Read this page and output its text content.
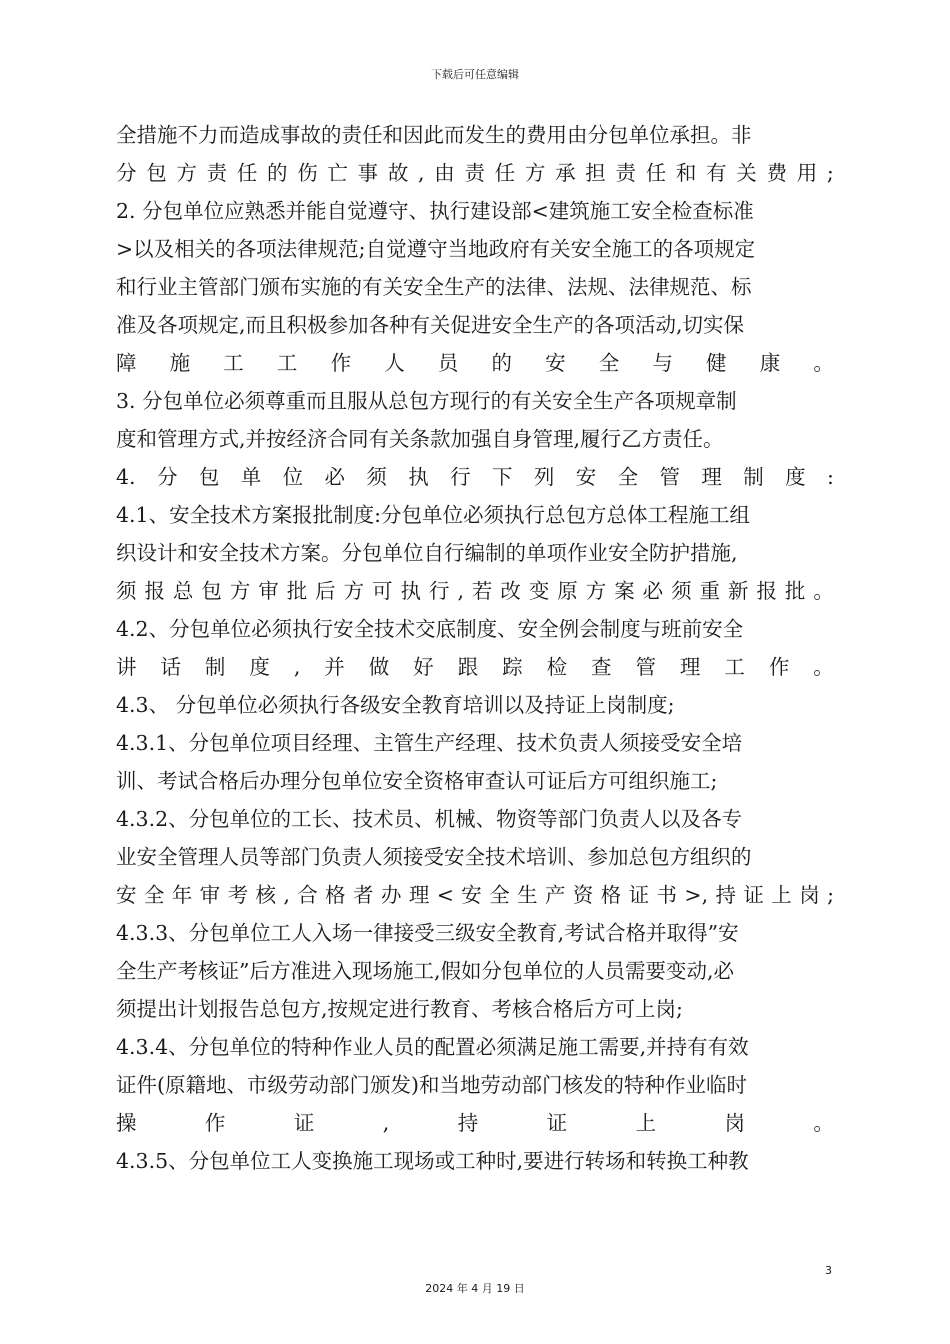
下载后可任意编辑
全措施不力而造成事故的责任和因此而发生的费用由分包单位承担。非
分 包 方 责 任 的 伤 亡 事 故 , 由 责 任 方 承 担 责 任 和 有 关 费 用 ;
2. 分包单位应熟悉并能自觉遵守、执行建设部<建筑施工安全检查标准
>以及相关的各项法律规范;自觉遵守当地政府有关安全施工的各项规定
和行业主管部门颁布实施的有关安全生产的法律、法规、法律规范、标
准及各项规定,而且积极参加各种有关促进安全生产的各项活动,切实保
障 施 工 工 作 人 员 的 安 全 与 健 康 。
3. 分包单位必须尊重而且服从总包方现行的有关安全生产各项规章制
度和管理方式,并按经济合同有关条款加强自身管理,履行乙方责任。
4. 分 包 单 位 必 须 执 行 下 列 安 全 管 理 制 度 :
4.1、安全技术方案报批制度:分包单位必须执行总包方总体工程施工组
织设计和安全技术方案。分包单位自行编制的单项作业安全防护措施,
须 报 总 包 方 审 批 后 方 可 执 行 , 若 改 变 原 方 案 必 须 重 新 报 批 。
4.2、分包单位必须执行安全技术交底制度、安全例会制度与班前安全
讲 话 制 度 , 并 做 好 跟 踪 检 查 管 理 工 作 。
4.3、 分包单位必须执行各级安全教育培训以及持证上岗制度;
4.3.1、分包单位项目经理、主管生产经理、技术负责人须接受安全培
训、考试合格后办理分包单位安全资格审查认可证后方可组织施工;
4.3.2、分包单位的工长、技术员、机械、物资等部门负责人以及各专
业安全管理人员等部门负责人须接受安全技术培训、参加总包方组织的
安 全 年 审 考 核 , 合 格 者 办 理 < 安 全 生 产 资 格 证 书 >, 持 证 上 岗 ;
4.3.3、分包单位工人入场一律接受三级安全教育,考试合格并取得”安
全生产考核证”后方准进入现场施工,假如分包单位的人员需要变动,必
须提出计划报告总包方,按规定进行教育、考核合格后方可上岗;
4.3.4、分包单位的特种作业人员的配置必须满足施工需要,并持有有效
证件(原籍地、市级劳动部门颁发)和当地劳动部门核发的特种作业临时
操	作	证	,	持	证	上	岗	。
4.3.5、分包单位工人变换施工现场或工种时,要进行转场和转换工种教
3
2024 年 4 月 19 日
